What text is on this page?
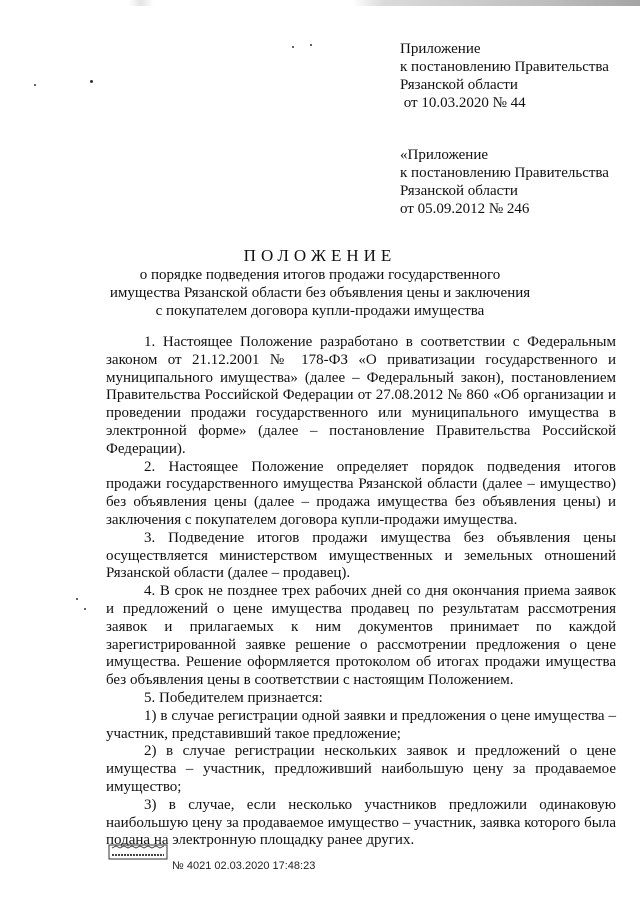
Приложение
к постановлению Правительства
Рязанской области
от 10.03.2020 № 44
«Приложение
к постановлению Правительства
Рязанской области
от 05.09.2012 № 246
ПОЛОЖЕНИЕ
о порядке подведения итогов продажи государственного
имущества Рязанской области без объявления цены и заключения
с покупателем договора купли-продажи имущества

1. Настоящее Положение разработано в соответствии с Федеральным законом от 21.12.2001 № 178-ФЗ «О приватизации государственного и муниципального имущества» (далее – Федеральный закон), постановлением Правительства Российской Федерации от 27.08.2012 № 860 «Об организации и проведении продажи государственного или муниципального имущества в электронной форме» (далее – постановление Правительства Российской Федерации).

2. Настоящее Положение определяет порядок подведения итогов продажи государственного имущества Рязанской области (далее – имущество) без объявления цены (далее – продажа имущества без объявления цены) и заключения с покупателем договора купли-продажи имущества.

3. Подведение итогов продажи имущества без объявления цены осуществляется министерством имущественных и земельных отношений Рязанской области (далее – продавец).

4. В срок не позднее трех рабочих дней со дня окончания приема заявок и предложений о цене имущества продавец по результатам рассмотрения заявок и прилагаемых к ним документов принимает по каждой зарегистрированной заявке решение о рассмотрении предложения о цене имущества. Решение оформляется протоколом об итогах продажи имущества без объявления цены в соответствии с настоящим Положением.

5. Победителем признается:

1) в случае регистрации одной заявки и предложения о цене имущества – участник, представивший такое предложение;

2) в случае регистрации нескольких заявок и предложений о цене имущества – участник, предложивший наибольшую цену за продаваемое имущество;

3) в случае, если несколько участников предложили одинаковую наибольшую цену за продаваемое имущество – участник, заявка которого была подана на электронную площадку ранее других.

№ 4021 02.03.2020 17:48:23
